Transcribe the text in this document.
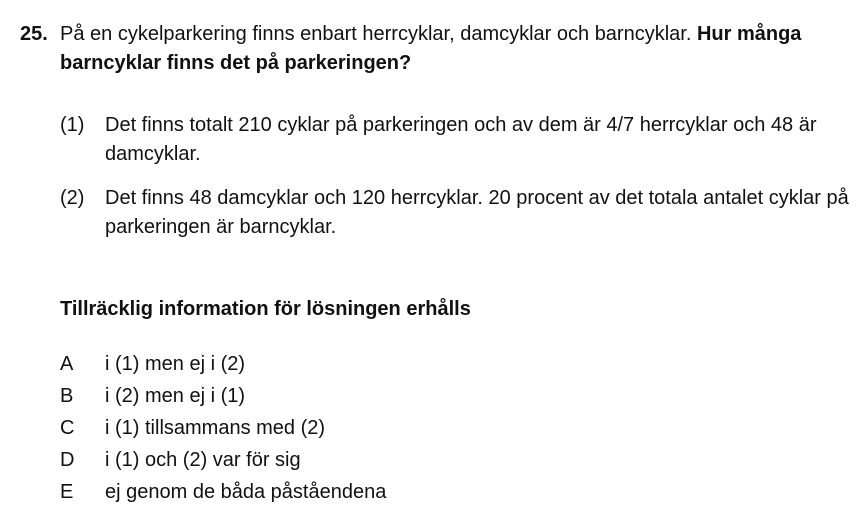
25. På en cykelparkering finns enbart herrcyklar, damcyklar och barncyklar. Hur många barncyklar finns det på parkeringen?
(1) Det finns totalt 210 cyklar på parkeringen och av dem är 4/7 herrcyklar och 48 är damcyklar.
(2) Det finns 48 damcyklar och 120 herrcyklar. 20 procent av det totala antalet cyklar på parkeringen är barncyklar.
Tillräcklig information för lösningen erhålls
A i (1) men ej i (2)
B i (2) men ej i (1)
C i (1) tillsammans med (2)
D i (1) och (2) var för sig
E ej genom de båda påståendena
